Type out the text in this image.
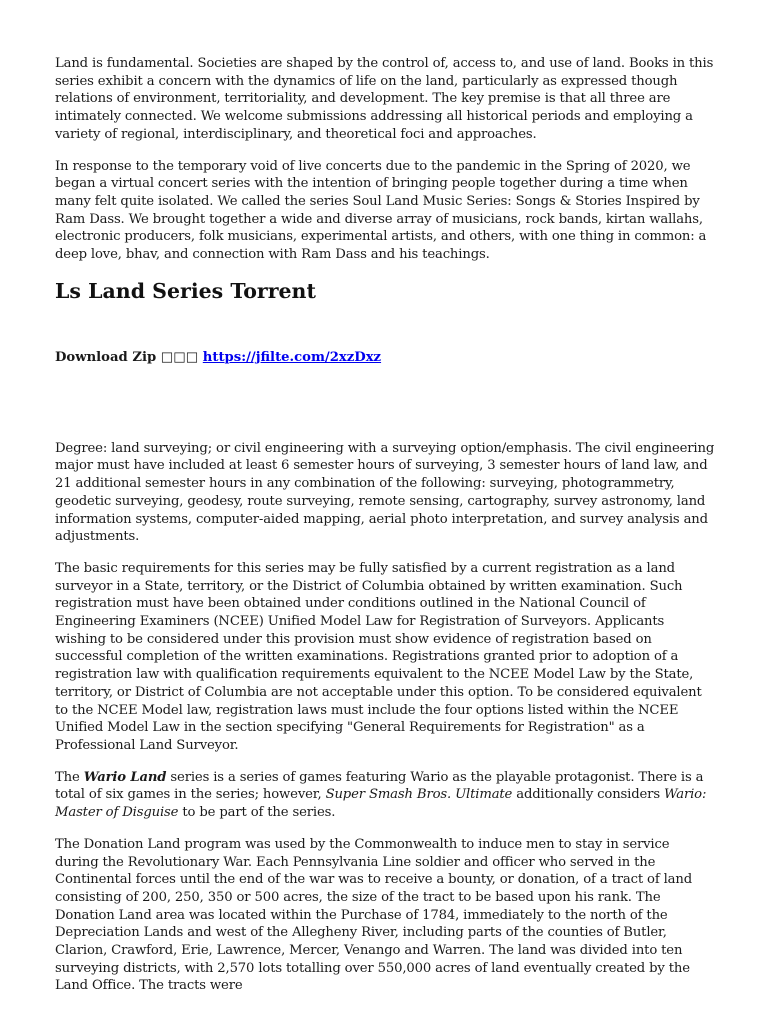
Land is fundamental. Societies are shaped by the control of, access to, and use of land. Books in this series exhibit a concern with the dynamics of life on the land, particularly as expressed though relations of environment, territoriality, and development. The key premise is that all three are intimately connected. We welcome submissions addressing all historical periods and employing a variety of regional, interdisciplinary, and theoretical foci and approaches.

In response to the temporary void of live concerts due to the pandemic in the Spring of 2020, we began a virtual concert series with the intention of bringing people together during a time when many felt quite isolated. We called the series Soul Land Music Series: Songs & Stories Inspired by Ram Dass. We brought together a wide and diverse array of musicians, rock bands, kirtan wallahs, electronic producers, folk musicians, experimental artists, and others, with one thing in common: a deep love, bhav, and connection with Ram Dass and his teachings.

Ls Land Series Torrent
Download Zip □□□ https://jfilte.com/2xzDxz

Degree: land surveying; or civil engineering with a surveying option/emphasis. The civil engineering major must have included at least 6 semester hours of surveying, 3 semester hours of land law, and 21 additional semester hours in any combination of the following: surveying, photogrammetry, geodetic surveying, geodesy, route surveying, remote sensing, cartography, survey astronomy, land information systems, computer-aided mapping, aerial photo interpretation, and survey analysis and adjustments.

The basic requirements for this series may be fully satisfied by a current registration as a land surveyor in a State, territory, or the District of Columbia obtained by written examination. Such registration must have been obtained under conditions outlined in the National Council of Engineering Examiners (NCEE) Unified Model Law for Registration of Surveyors. Applicants wishing to be considered under this provision must show evidence of registration based on successful completion of the written examinations. Registrations granted prior to adoption of a registration law with qualification requirements equivalent to the NCEE Model Law by the State, territory, or District of Columbia are not acceptable under this option. To be considered equivalent to the NCEE Model law, registration laws must include the four options listed within the NCEE Unified Model Law in the section specifying "General Requirements for Registration" as a Professional Land Surveyor.

The Wario Land series is a series of games featuring Wario as the playable protagonist. There is a total of six games in the series; however, Super Smash Bros. Ultimate additionally considers Wario: Master of Disguise to be part of the series.

The Donation Land program was used by the Commonwealth to induce men to stay in service during the Revolutionary War. Each Pennsylvania Line soldier and officer who served in the Continental forces until the end of the war was to receive a bounty, or donation, of a tract of land consisting of 200, 250, 350 or 500 acres, the size of the tract to be based upon his rank. The Donation Land area was located within the Purchase of 1784, immediately to the north of the Depreciation Lands and west of the Allegheny River, including parts of the counties of Butler, Clarion, Crawford, Erie, Lawrence, Mercer, Venango and Warren. The land was divided into ten surveying districts, with 2,570 lots totalling over 550,000 acres of land eventually created by the Land Office. The tracts were
